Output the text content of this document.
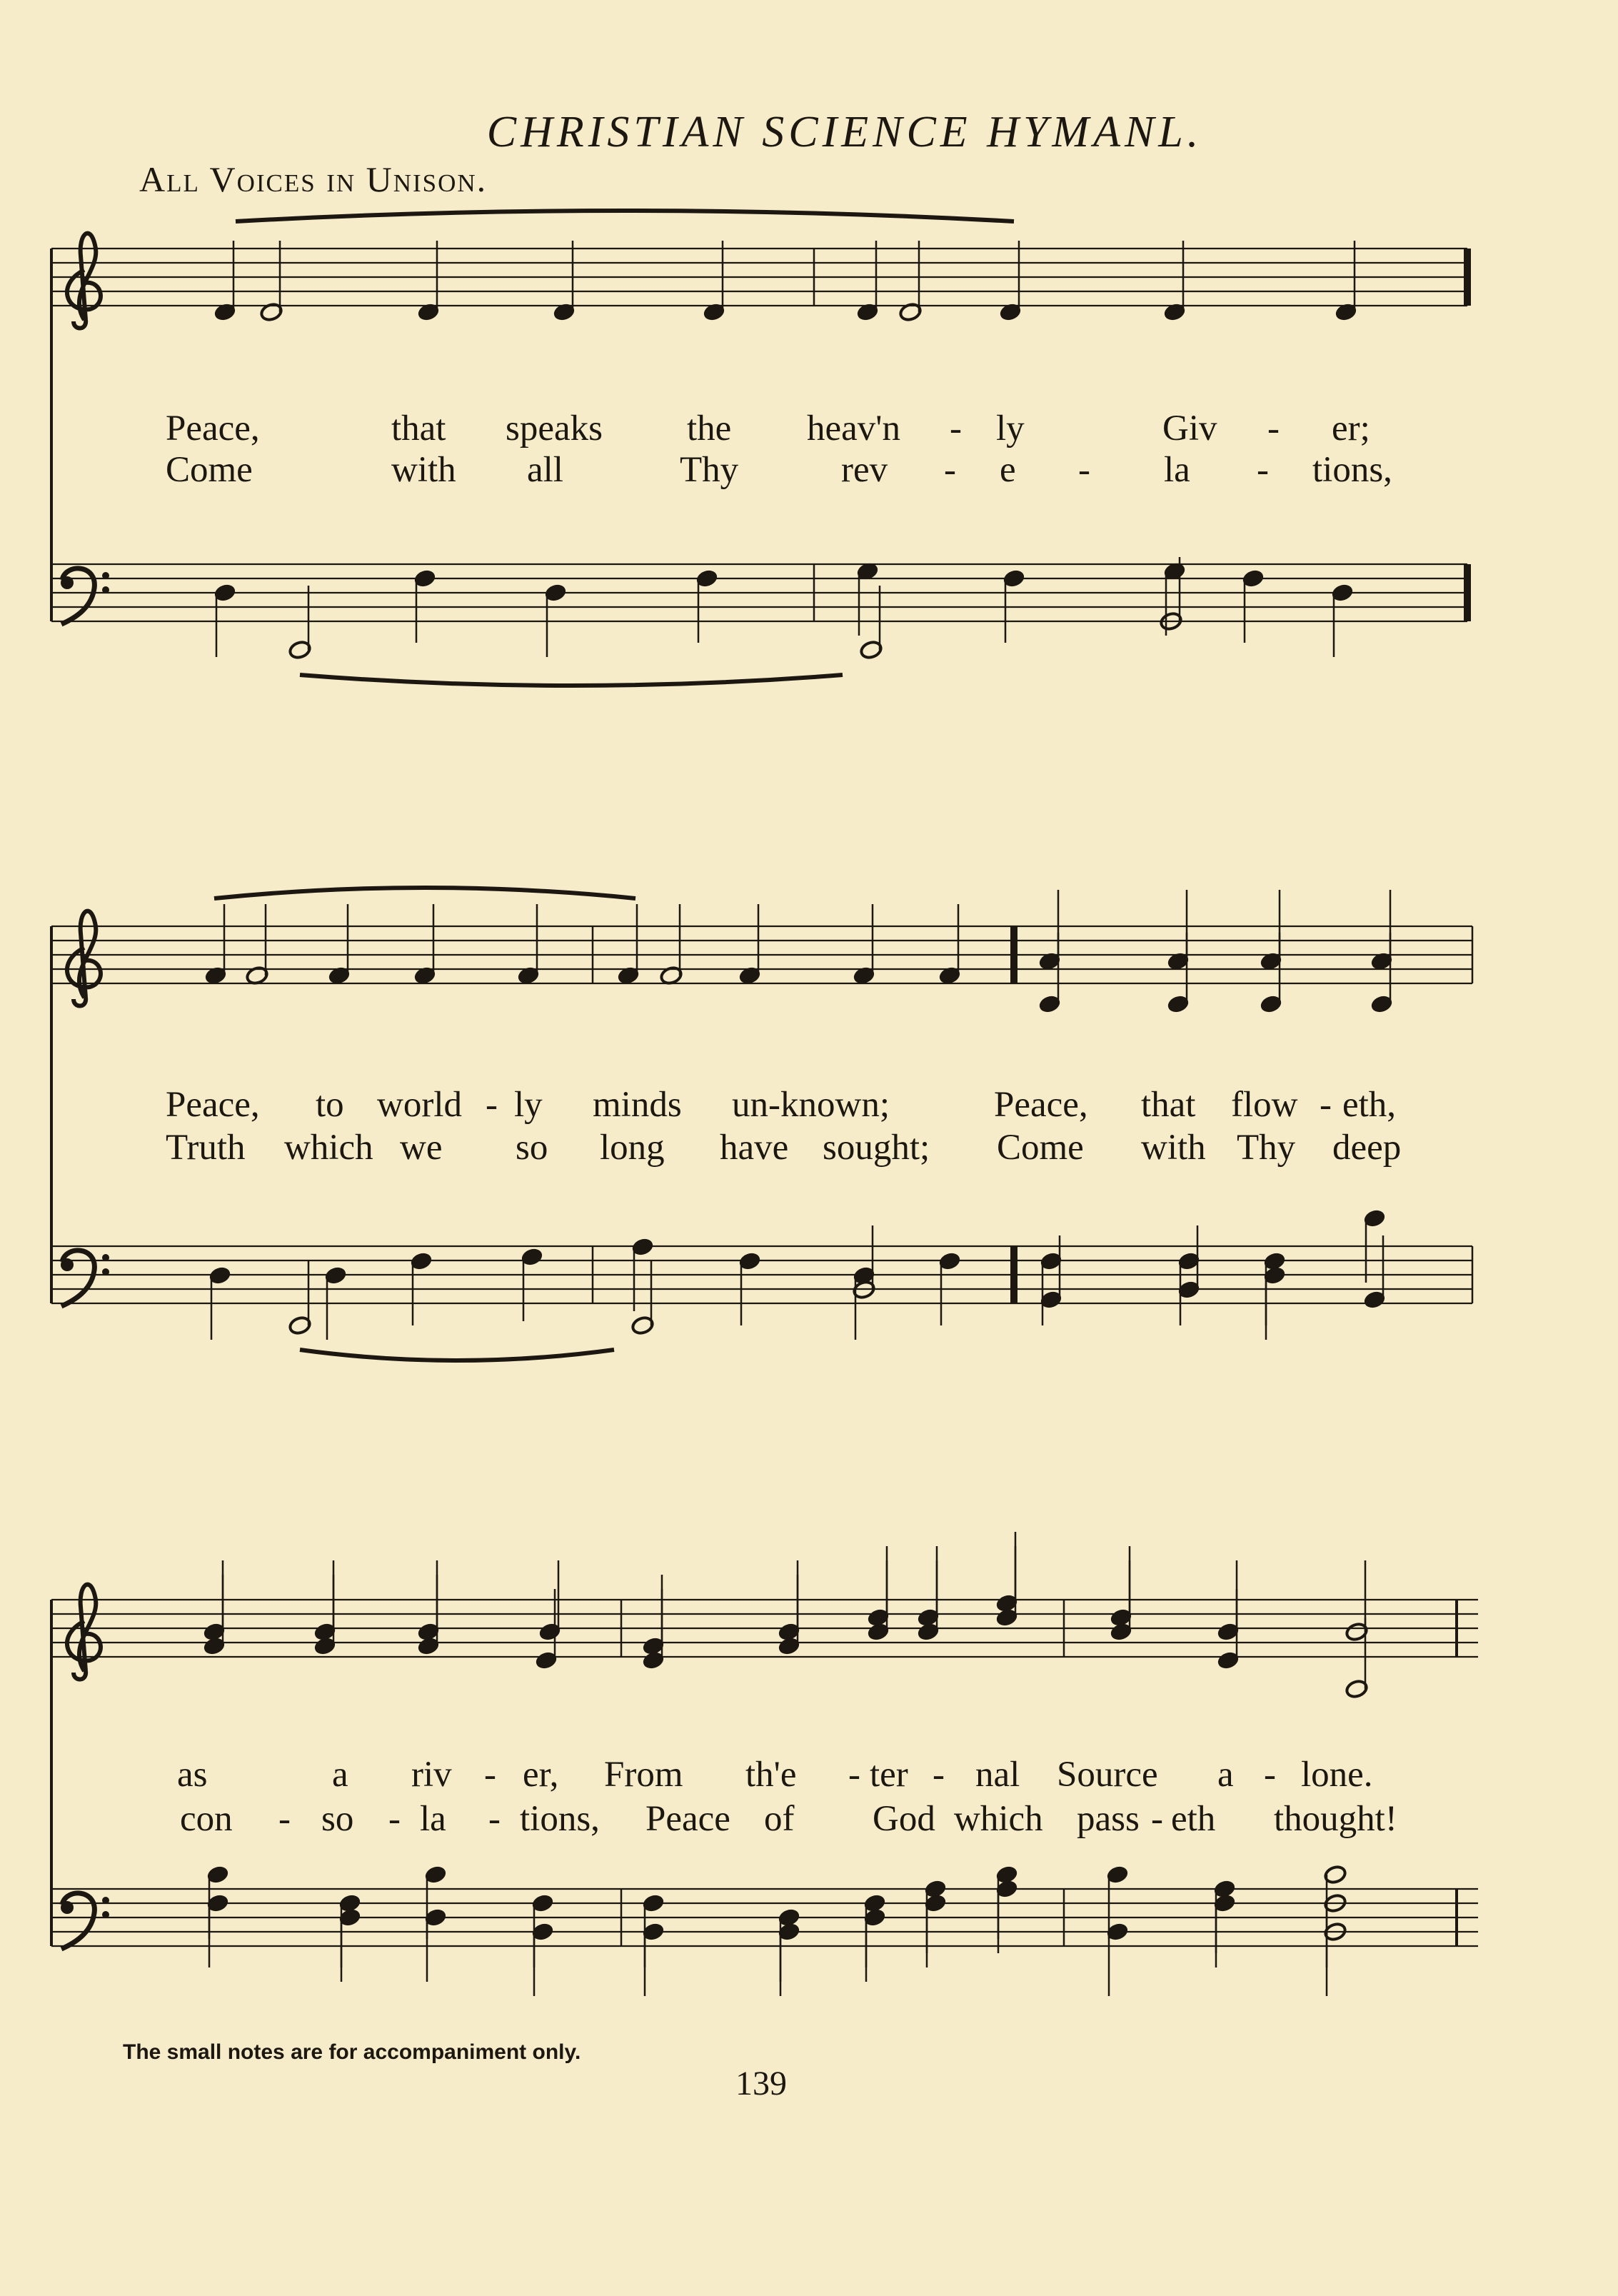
CHRISTIAN SCIENCE HYMANL.
All Voices in Unison.
Peace,	that speaks the heav'n - ly	Giv - er;
Come	with all	Thy	rev - e - la - tions,
Peace, to world - ly minds un-known;	Peace, that flow - eth,
Truth which we so long have sought; Come with Thy deep
as	a riv - er, From th'e - ter - nal Source a - lone.
con - so - la - tions, Peace of God which pass - eth thought!
The small notes are for accompaniment only.
139
